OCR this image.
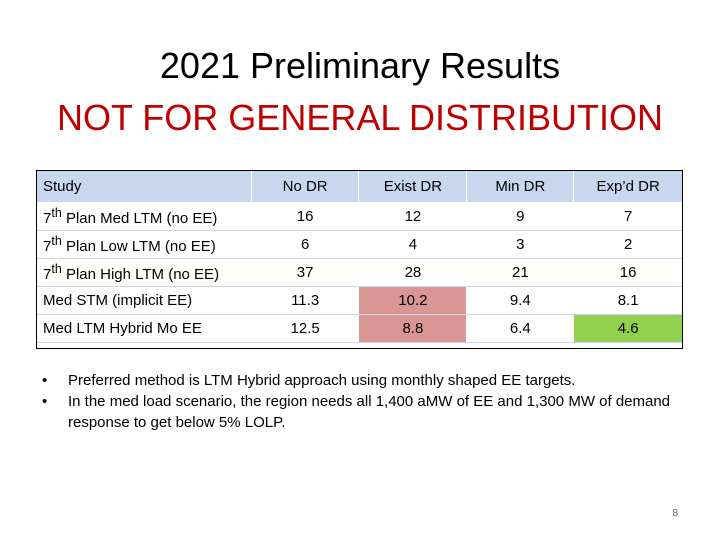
2021 Preliminary Results
NOT FOR GENERAL DISTRIBUTION
Study	No DR	Exist DR	Min DR	Exp’d DR
7th Plan Med LTM (no EE)	16	12	9	7
7th Plan Low LTM (no EE)	6	4	3	2
7th Plan High LTM (no EE)	37	28	21	16
Med STM (implicit EE)	11.3	10.2	9.4	8.1
Med LTM Hybrid Mo EE	12.5	8.8	6.4	4.6
•	Preferred method is LTM Hybrid approach using monthly shaped EE targets.
•	In the med load scenario, the region needs all 1,400 aMW of EE and 1,300 MW of demand response to get below 5% LOLP.
8
